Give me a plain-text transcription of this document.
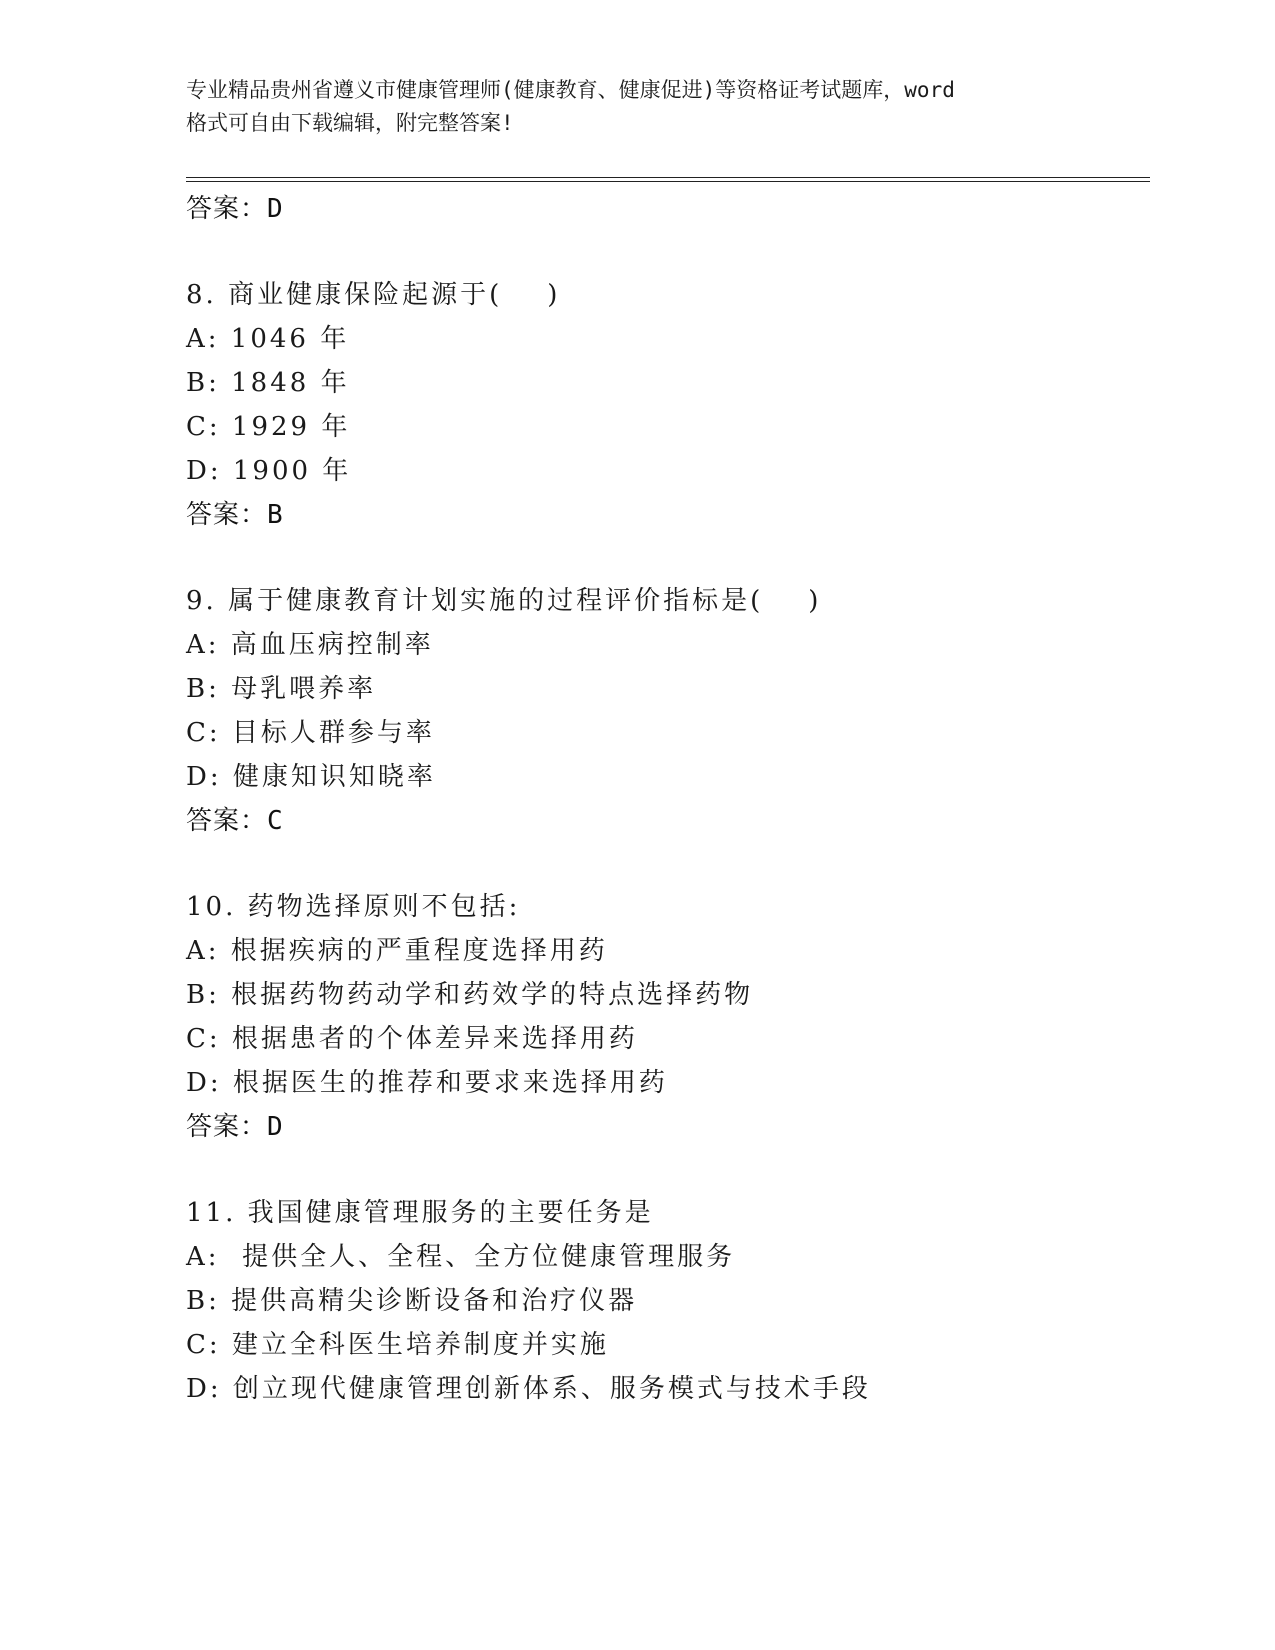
专业精品贵州省遵义市健康管理师(健康教育、健康促进)等资格证考试题库，word
格式可自由下载编辑，附完整答案!
答案：D
8. 商业健康保险起源于(    )
A: 1046 年
B: 1848 年
C: 1929 年
D: 1900 年
答案：B
9. 属于健康教育计划实施的过程评价指标是(    )
A: 高血压病控制率
B: 母乳喂养率
C: 目标人群参与率
D: 健康知识知晓率
答案：C
10. 药物选择原则不包括:
A: 根据疾病的严重程度选择用药
B: 根据药物药动学和药效学的特点选择药物
C: 根据患者的个体差异来选择用药
D: 根据医生的推荐和要求来选择用药
答案：D
11. 我国健康管理服务的主要任务是
A:  提供全人、全程、全方位健康管理服务
B: 提供高精尖诊断设备和治疗仪器
C: 建立全科医生培养制度并实施
D: 创立现代健康管理创新体系、服务模式与技术手段
